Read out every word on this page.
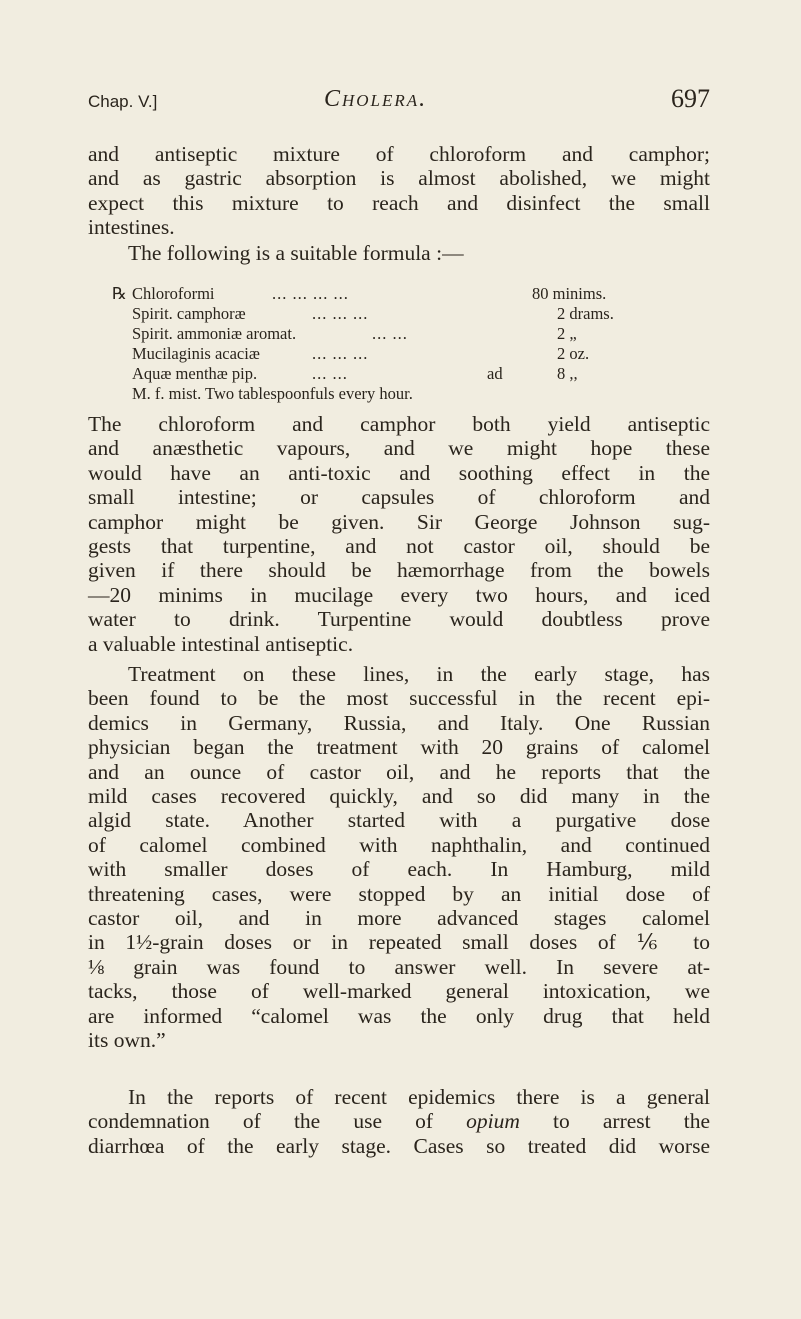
Chap. V.]	Cholera.	697
and antiseptic mixture of chloroform and camphor;
and as gastric absorption is almost abolished, we might
expect this mixture to reach and disinfect the small
intestines.
The following is a suitable formula :—
℞ Chloroformi	... ... ... ...	80 minims.
Spirit. camphoræ	... ... ...	2 drams.
Spirit. ammoniæ aromat.	... ...	2 „
Mucilaginis acaciæ	... ... ...	2 oz.
Aquæ menthæ pip.	... ...	ad	8 ,,
M. f. mist. Two tablespoonfuls every hour.
The chloroform and camphor both yield antiseptic
and anæsthetic vapours, and we might hope these
would have an anti-toxic and soothing effect in the
small intestine; or capsules of chloroform and
camphor might be given. Sir George Johnson sug-
gests that turpentine, and not castor oil, should be
given if there should be hæmorrhage from the bowels
—20 minims in mucilage every two hours, and iced
water to drink. Turpentine would doubtless prove
a valuable intestinal antiseptic.
Treatment on these lines, in the early stage, has
been found to be the most successful in the recent epi-
demics in Germany, Russia, and Italy. One Russian
physician began the treatment with 20 grains of calomel
and an ounce of castor oil, and he reports that the
mild cases recovered quickly, and so did many in the
algid state. Another started with a purgative dose
of calomel combined with naphthalin, and continued
with smaller doses of each. In Hamburg, mild
threatening cases, were stopped by an initial dose of
castor oil, and in more advanced stages calomel
in 1½-grain doses or in repeated small doses of ⅙ to
⅛ grain was found to answer well. In severe at-
tacks, those of well-marked general intoxication, we
are informed “calomel was the only drug that held
its own.”
In the reports of recent epidemics there is a general
condemnation of the use of opium to arrest the
diarrhœa of the early stage. Cases so treated did worse
